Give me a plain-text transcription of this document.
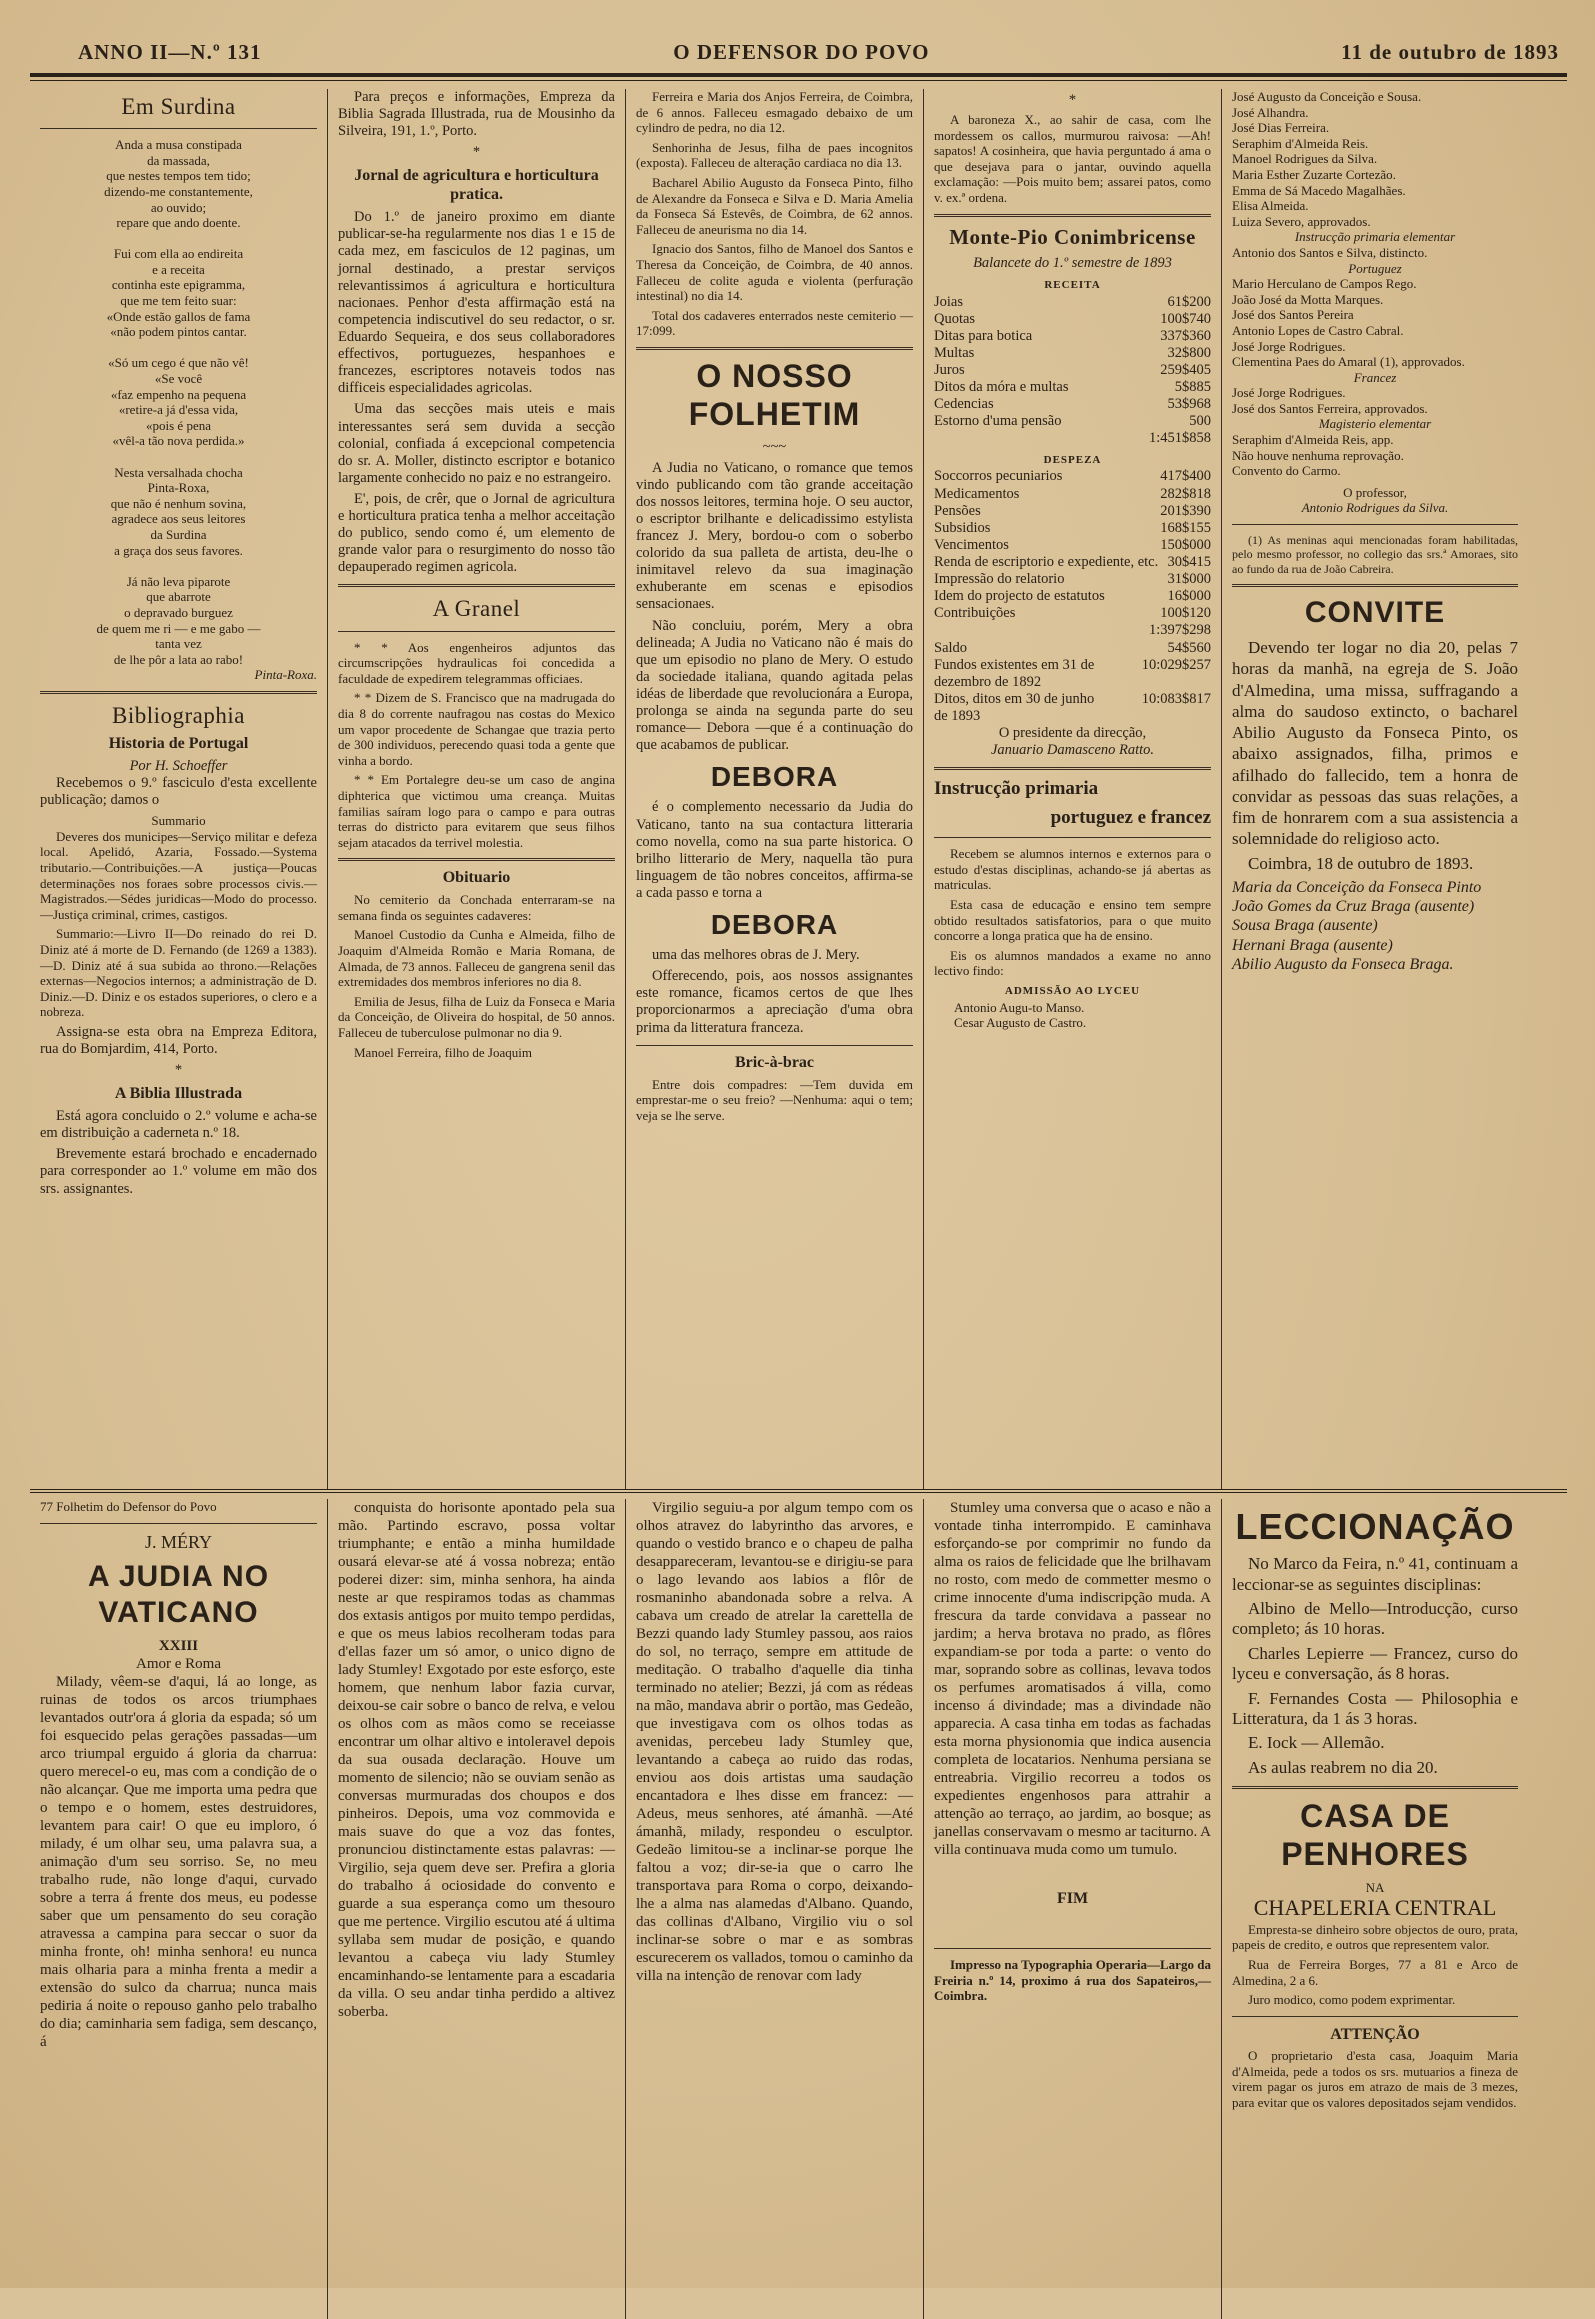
ANNO II—N.º 131	O DEFENSOR DO POVO	11 de outubro de 1893
Em Surdina
Anda a musa constipada
da massada,
que nestes tempos tem tido;
dizendo-me constantemente,
ao ouvido;
repare que ando doente.

Fui com ella ao endireita
e a receita
continha este epigramma,
que me tem feito suar:
«Onde estão gallos de fama
«não podem pintos cantar.

«Só um cego é que não vê!
«Se você
«faz empenho na pequena
«retire-a já d'essa vida,
«pois é pena
«vêl-a tão nova perdida.»

Nesta versalhada chocha
Pinta-Roxa,
que não é nenhum sovina,
agradece aos seus leitores
da Surdina
a graça dos seus favores.

Já não leva piparote
que abarrote
o depravado burguez
de quem me ri — e me gabo —
tanta vez
de lhe pôr a lata ao rabo!
Pinta-Roxa.
Bibliographia
Historia de Portugal
Por H. Schoeffer

Recebemos o 9.º fasciculo d'esta excellente publicação; damos o

Summario

Deveres dos municipes—Serviço militar e defeza local. Apelidó, Azaria, Fossado.—Systema tributario.—Contribuições.—A justiça—Poucas determinações nos foraes sobre processos civis.—Magistrados.—Sédes juridicas—Modo do processo.—Justiça criminal, crimes, castigos.

Summario:—Livro II—Do reinado do rei D. Diniz até á morte de D. Fernando (de 1269 a 1383).—D. Diniz até á sua subida ao throno.—Relações externas—Negocios internos; a administração de D. Diniz.—D. Diniz e os estados superiores, o clero e a nobreza.

Assigna-se esta obra na Empreza Editora, rua do Bomjardim, 414, Porto.

*
A Biblia Illustrada

Está agora concluido o 2.º volume e acha-se em distribuição a caderneta n.º 18.

Brevemente estará brochado e encadernado para corresponder ao 1.º volume em mão dos srs. assignantes.

Para preços e informações, Empreza da Biblia Sagrada Illustrada, rua de Mousinho da Silveira, 191, 1.º, Porto.

*
Jornal de agricultura e horticultura pratica.

Do 1.º de janeiro proximo em diante publicar-se-ha regularmente nos dias 1 e 15 de cada mez, em fasciculos de 12 paginas, um jornal destinado, a prestar serviços relevantissimos á agricultura e horticultura nacionaes. Penhor d'esta affirmação está na competencia indiscutivel do seu redactor, o sr. Eduardo Sequeira, e dos seus collaboradores effectivos, portuguezes, hespanhoes e francezes, escriptores notaveis todos nas difficeis especialidades agricolas.

Uma das secções mais uteis e mais interessantes será sem duvida a secção colonial, confiada á excepcional competencia do sr. A. Moller, distincto escriptor e botanico largamente conhecido no paiz e no estrangeiro.

E', pois, de crêr, que o Jornal de agricultura e horticultura pratica tenha a melhor acceitação do publico, sendo como é, um elemento de grande valor para o resurgimento do nosso tão depauperado regimen agricola.

A Granel

* * Aos engenheiros adjuntos das circumscripções hydraulicas foi concedida a faculdade de expedirem telegrammas officiaes.

* * Dizem de S. Francisco que na madrugada do dia 8 do corrente naufragou nas costas do Mexico um vapor procedente de Schangae que trazia perto de 300 individuos, perecendo quasi toda a gente que vinha a bordo.

* * Em Portalegre deu-se um caso de angina diphterica que victimou uma creança. Muitas familias saíram logo para o campo e para outras terras do districto para evitarem que seus filhos sejam atacados da terrivel molestia.

Obituario

No cemiterio da Conchada enterraram-se na semana finda os seguintes cadaveres:

Manoel Custodio da Cunha e Almeida, filho de Joaquim d'Almeida Romão e Maria Romana, de Almada, de 73 annos. Falleceu de gangrena senil das extremidades dos membros inferiores no dia 8.

Emilia de Jesus, filha de Luiz da Fonseca e Maria da Conceição, de Oliveira do hospital, de 50 annos. Falleceu de tuberculose pulmonar no dia 9.

Manoel Ferreira, filho de Joaquim

Ferreira e Maria dos Anjos Ferreira, de Coimbra, de 6 annos. Falleceu esmagado debaixo de um cylindro de pedra, no dia 12.

Senhorinha de Jesus, filha de paes incognitos (exposta). Falleceu de alteração cardiaca no dia 13.

Bacharel Abilio Augusto da Fonseca Pinto, filho de Alexandre da Fonseca e Silva e D. Maria Amelia da Fonseca Sá Estevês, de Coimbra, de 62 annos. Falleceu de aneurisma no dia 14.

Ignacio dos Santos, filho de Manoel dos Santos e Theresa da Conceição, de Coimbra, de 40 annos. Falleceu de colite aguda e violenta (perfuração intestinal) no dia 14.

Total dos cadaveres enterrados neste cemiterio — 17:099.

O NOSSO FOLHETIM
~~~

A Judia no Vaticano, o romance que temos vindo publicando com tão grande acceitação dos nossos leitores, termina hoje. O seu auctor, o escriptor brilhante e delicadissimo estylista francez J. Mery, bordou-o com o soberbo colorido da sua palleta de artista, deu-lhe o inimitavel relevo da sua imaginação exhuberante em scenas e episodios sensacionaes.

Não concluiu, porém, Mery a obra delineada; A Judia no Vaticano não é mais do que um episodio no plano de Mery. O estudo da sociedade italiana, quando agitada pelas idéas de liberdade que revolucionára a Europa, prolonga se ainda na segunda parte do seu romance— Debora —que é a continuação do que acabamos de publicar.

DEBORA

é o complemento necessario da Judia do Vaticano, tanto na sua contactura litteraria como novella, como na sua parte historica. O brilho litterario de Mery, naquella tão pura linguagem de tão nobres conceitos, affirma-se a cada passo e torna a

DEBORA

uma das melhores obras de J. Mery.

Offerecendo, pois, aos nossos assignantes este romance, ficamos certos de que lhes proporcionarmos a apreciação d'uma obra prima da litteratura franceza.

Bric-à-brac

Entre dois compadres: —Tem duvida em emprestar-me o seu freio? —Nenhuma: aqui o tem; veja se lhe serve.

*

A baroneza X., ao sahir de casa, com lhe mordessem os callos, murmurou raivosa: —Ah! sapatos! A cosinheira, que havia perguntado á ama o que desejava para o jantar, ouvindo aquella exclamação: —Pois muito bem; assarei patos, como v. ex.ª ordena.

Monte-Pio Conimbricense
Balancete do 1.º semestre de 1893
RECEITA
Joias	61$200
Quotas	100$740
Ditas para botica	337$360
Multas	32$800
Juros	259$405
Ditos da móra e multas	5$885
Cedencias	53$968
Estorno d'uma pensão	500
1:451$858
DESPEZA
Soccorros pecuniarios	417$400
Medicamentos	282$818
Pensões	201$390
Subsidios	168$155
Vencimentos	150$000
Renda de escriptorio e expediente, etc. 30$415
Impressão do relatorio	31$000
Idem do projecto de estatutos	16$000
Contribuições	100$120
1:397$298
Saldo	54$560
Fundos existentes em 31 de dezembro de 1892
10:029$257
Ditos, ditos em 30 de junho de 1893
10:083$817
O presidente da direcção,
Januario Damasceno Ratto.
Instrucção primaria
portuguez e francez

Recebem se alumnos internos e externos para o estudo d'estas disciplinas, achando-se já abertas as matriculas.

Esta casa de educação e ensino tem sempre obtido resultados satisfatorios, para o que muito concorre a longa pratica que ha de ensino.

Eis os alumnos mandados a exame no anno lectivo findo:

ADMISSÃO AO LYCEU
Antonio Augu-to Manso.
Cesar Augusto de Castro.
José Augusto da Conceição e Sousa.
José Alhandra.
José Dias Ferreira.
Seraphim d'Almeida Reis.
Manoel Rodrigues da Silva.
Maria Esther Zuzarte Cortezão.
Emma de Sá Macedo Magalhães.
Elisa Almeida.
Luiza Severo, approvados.
Instrucção primaria elementar
Antonio dos Santos e Silva, distincto.
Portuguez
Mario Herculano de Campos Rego.
João José da Motta Marques.
José dos Santos Pereira
Antonio Lopes de Castro Cabral.
José Jorge Rodrigues.
Clementina Paes do Amaral (1), approvados.
Francez
José Jorge Rodrigues.
José dos Santos Ferreira, approvados.
Magisterio elementar
Seraphim d'Almeida Reis, app.
Não houve nenhuma reprovação.
Convento do Carmo.
O professor,
Antonio Rodrigues da Silva.

(1) As meninas aqui mencionadas foram habilitadas, pelo mesmo professor, no collegio das srs.ª Amoraes, sito ao fundo da rua de João Cabreira.

CONVITE

Devendo ter logar no dia 20, pelas 7 horas da manhã, na egreja de S. João d'Almedina, uma missa, suffragando a alma do saudoso extincto, o bacharel Abilio Augusto da Fonseca Pinto, os abaixo assignados, filha, primos e afilhado do fallecido, tem a honra de convidar as pessoas das suas relações, a fim de honrarem com a sua assistencia a solemnidade do religioso acto.

Coimbra, 18 de outubro de 1893.

Maria da Conceição da Fonseca Pinto
João Gomes da Cruz Braga (ausente)
Sousa Braga (ausente)
Hernani Braga (ausente)
Abilio Augusto da Fonseca Braga.
77 Folhetim do Defensor do Povo
J. MÉRY
A JUDIA NO VATICANO
XXIII
Amor e Roma

Milady, vêem-se d'aqui, lá ao longe, as ruinas de todos os arcos triumphaes levantados outr'ora á gloria da espada; só um foi esquecido pelas gerações passadas—um arco triumpal erguido á gloria da charrua: quero merecel-o eu, mas com a condição de o não alcançar. Que me importa uma pedra que o tempo e o homem, estes destruidores, levantem para cair! O que eu imploro, ó milady, é um olhar seu, uma palavra sua, a animação d'um seu sorriso. Se, no meu trabalho rude, não longe d'aqui, curvado sobre a terra á frente dos meus, eu podesse saber que um pensamento do seu coração atravessa a campina para seccar o suor da minha fronte, oh! minha senhora! eu nunca mais olharia para a minha frenta a medir a extensão do sulco da charrua; nunca mais pediria á noite o repouso ganho pelo trabalho do dia; caminharia sem fadiga, sem descanço, á

conquista do horisonte apontado pela sua mão. Partindo escravo, possa voltar triumphante; e então a minha humildade ousará elevar-se até á vossa nobreza; então poderei dizer: sim, minha senhora, ha ainda neste ar que respiramos todas as chammas dos extasis antigos por muito tempo perdidas, e que os meus labios recolheram todas para d'ellas fazer um só amor, o unico digno de lady Stumley! Exgotado por este esforço, este homem, que nenhum labor fazia curvar, deixou-se cair sobre o banco de relva, e velou os olhos com as mãos como se receiasse encontrar um olhar altivo e intoleravel depois da sua ousada declaração. Houve um momento de silencio; não se ouviam senão as conversas murmuradas dos choupos e dos pinheiros. Depois, uma voz commovida e mais suave do que a voz das fontes, pronunciou distinctamente estas palavras: —Virgilio, seja quem deve ser. Prefira a gloria do trabalho á ociosidade do convento e guarde a sua esperança como um thesouro que me pertence. Virgilio escutou até á ultima syllaba sem mudar de posição, e quando levantou a cabeça viu lady Stumley encaminhando-se lentamente para a escadaria da villa. O seu andar tinha perdido a altivez soberba.

Virgilio seguiu-a por algum tempo com os olhos atravez do labyrintho das arvores, e quando o vestido branco e o chapeu de palha desappareceram, levantou-se e dirigiu-se para o lago levando aos labios a flôr de rosmaninho abandonada sobre a relva. A cabava um creado de atrelar la carettella de Bezzi quando lady Stumley passou, aos raios do sol, no terraço, sempre em attitude de meditação. O trabalho d'aquelle dia tinha terminado no atelier; Bezzi, já com as rédeas na mão, mandava abrir o portão, mas Gedeão, que investigava com os olhos todas as avenidas, percebeu lady Stumley que, levantando a cabeça ao ruido das rodas, enviou aos dois artistas uma saudação encantadora e lhes disse em francez: —Adeus, meus senhores, até ámanhã. —Até ámanhã, milady, respondeu o esculptor. Gedeão limitou-se a inclinar-se porque lhe faltou a voz; dir-se-ia que o carro lhe transportava para Roma o corpo, deixando-lhe a alma nas alamedas d'Albano. Quando, das collinas d'Albano, Virgilio viu o sol inclinar-se sobre o mar e as sombras escurecerem os vallados, tomou o caminho da villa na intenção de renovar com lady

Stumley uma conversa que o acaso e não a vontade tinha interrompido. E caminhava esforçando-se por comprimir no fundo da alma os raios de felicidade que lhe brilhavam no rosto, com medo de commetter mesmo o crime innocente d'uma indiscripção muda. A frescura da tarde convidava a passear no jardim; a herva brotava no prado, as flôres expandiam-se por toda a parte: o vento do mar, soprando sobre as collinas, levava todos os perfumes aromatisados á villa, como incenso á divindade; mas a divindade não apparecia. A casa tinha em todas as fachadas esta morna physionomia que indica ausencia completa de locatarios. Nenhuma persiana se entreabria. Virgilio recorreu a todos os expedientes engenhosos para attrahir a attenção ao terraço, ao jardim, ao bosque; as janellas conservavam o mesmo ar taciturno. A villa continuava muda como um tumulo.

FIM

Impresso na Typographia Operaria—Largo da Freiria n.º 14, proximo á rua dos Sapateiros,—Coimbra.

LECCIONAÇÃO

No Marco da Feira, n.º 41, continuam a leccionar-se as seguintes disciplinas:

Albino de Mello—Introducção, curso completo; ás 10 horas.

Charles Lepierre — Francez, curso do lyceu e conversação, ás 8 horas.

F. Fernandes Costa — Philosophia e Litteratura, da 1 ás 3 horas.

E. Iock — Allemão.

As aulas reabrem no dia 20.

CASA DE PENHORES
NA
CHAPELERIA CENTRAL

Empresta-se dinheiro sobre objectos de ouro, prata, papeis de credito, e outros que representem valor.

Rua de Ferreira Borges, 77 a 81 e Arco de Almedina, 2 a 6.

Juro modico, como podem exprimentar.

ATTENÇÃO

O proprietario d'esta casa, Joaquim Maria d'Almeida, pede a todos os srs. mutuarios a fineza de virem pagar os juros em atrazo de mais de 3 mezes, para evitar que os valores depositados sejam vendidos.
